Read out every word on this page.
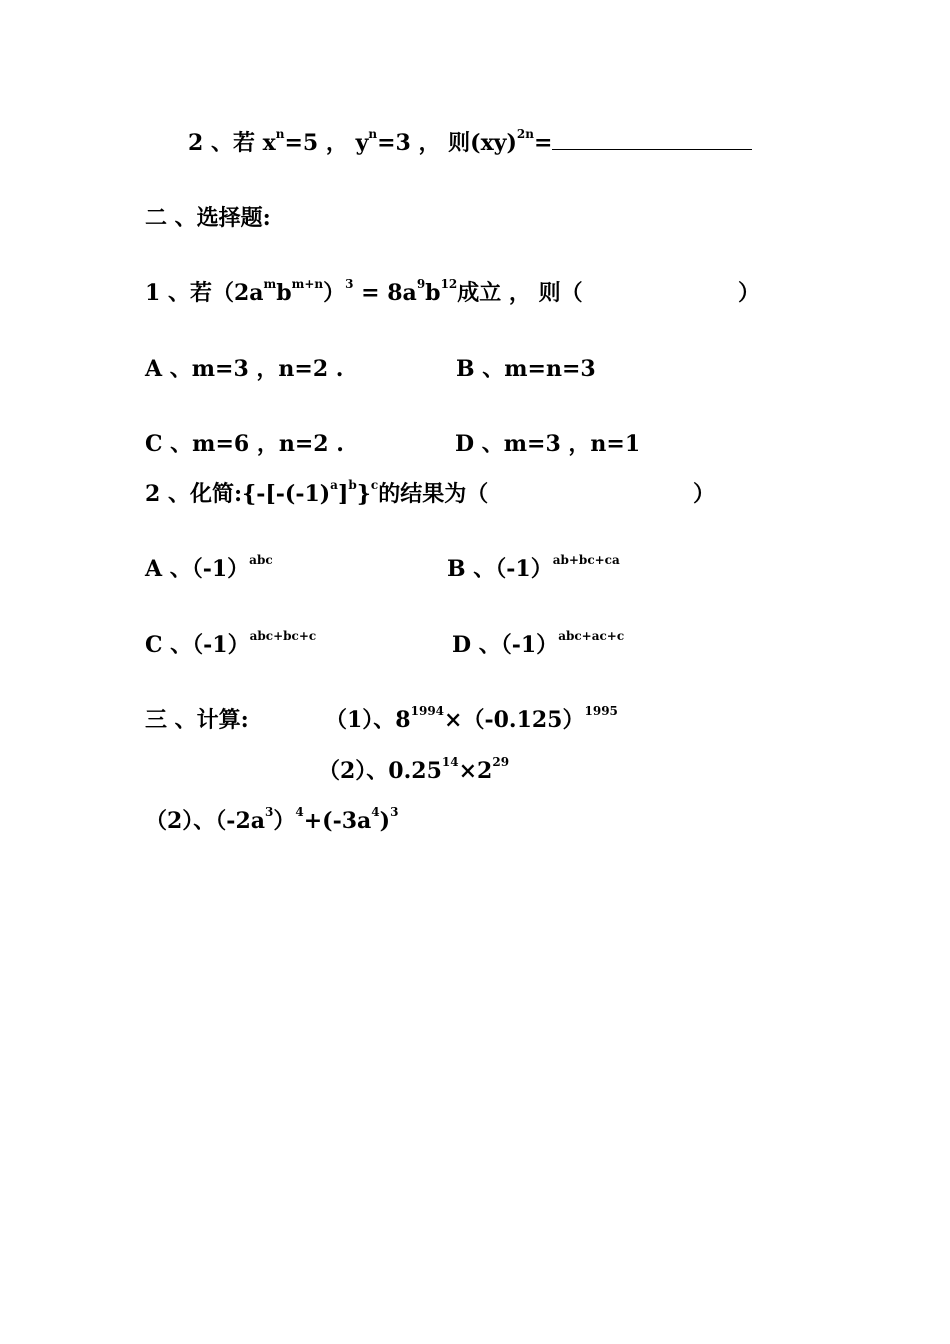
2 、若 $x^n=5$ ， $y^n=3$ ， 则(xy)$^{2n}$=
二 、选择题:
1 、若$(2a^mb^{m+n})^3 = 8a^9b^{12}$成立 ， 则（	）
A 、m=3 ，n=2 .	B 、m=n=3
C 、m=6 ，n=2 .	D 、m=3 ，n=1
2 、化简$:\{-[-(-1)^a]^b\}^c$的结果为（	）
A 、$(-1)^{abc}$	B 、$(-1)^{ab+bc+ca}$
C 、$(-1)^{abc+bc+c}$	D 、$(-1)^{abc+ac+c}$
三 、计算:	（1）、$8^{1994}\times(-0.125)^{1995}$
（2）、$0.25^{14}\times 2^{29}$
（2）、$(-2a^3)^4+(-3a^4)^3$
